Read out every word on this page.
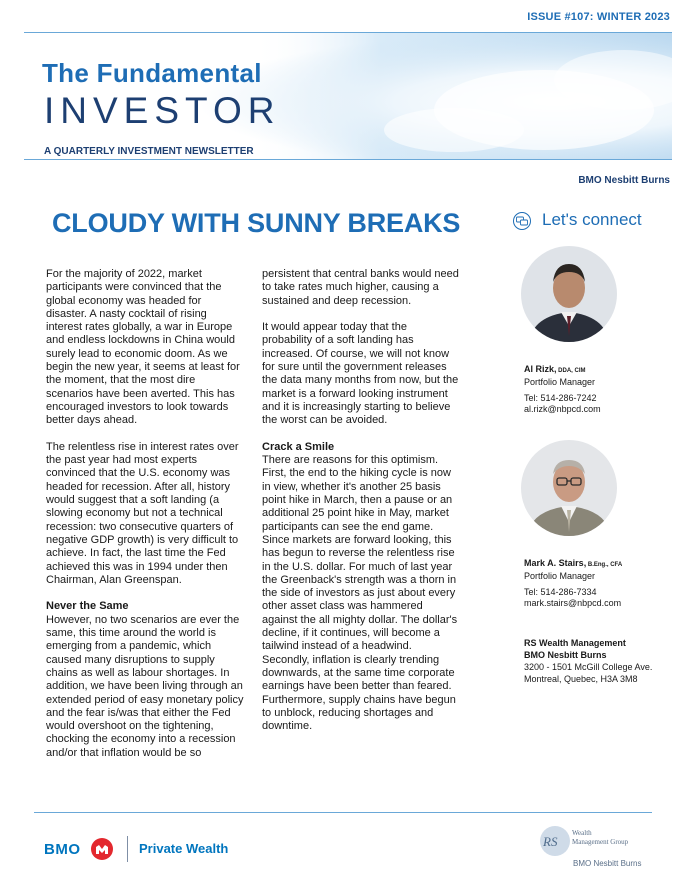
ISSUE #107: WINTER 2023
The Fundamental
INVESTOR
A QUARTERLY INVESTMENT NEWSLETTER
BMO Nesbitt Burns
CLOUDY WITH SUNNY BREAKS

For the majority of 2022, market participants were convinced that the global economy was headed for disaster. A nasty cocktail of rising interest rates globally, a war in Europe and endless lockdowns in China would surely lead to economic doom. As we begin the new year, it seems at least for the moment, that the most dire scenarios have been averted. This has encouraged investors to look towards better days ahead.

The relentless rise in interest rates over the past year had most experts convinced that the U.S. economy was headed for recession. After all, history would suggest that a soft landing (a slowing economy but not a technical recession: two consecutive quarters of negative GDP growth) is very difficult to achieve. In fact, the last time the Fed achieved this was in 1994 under then Chairman, Alan Greenspan.

Never the Same

However, no two scenarios are ever the same, this time around the world is emerging from a pandemic, which caused many disruptions to supply chains as well as labour shortages. In addition, we have been living through an extended period of easy monetary policy and the fear is/was that either the Fed would overshoot on the tightening, chocking the economy into a recession and/or that inflation would be so

persistent that central banks would need to take rates much higher, causing a sustained and deep recession.

It would appear today that the probability of a soft landing has increased. Of course, we will not know for sure until the government releases the data many months from now, but the market is a forward looking instrument and it is increasingly starting to believe the worst can be avoided.

Crack a Smile

There are reasons for this optimism. First, the end to the hiking cycle is now in view, whether it's another 25 basis point hike in March, then a pause or an additional 25 point hike in May, market participants can see the end game. Since markets are forward looking, this has begun to reverse the relentless rise in the U.S. dollar. For much of last year the Greenback's strength was a thorn in the side of investors as just about every other asset class was hammered against the all mighty dollar. The dollar's decline, if it continues, will become a tailwind instead of a headwind. Secondly, inflation is clearly trending downwards, at the same time corporate earnings have been better than feared. Furthermore, supply chains have begun to unblock, reducing shortages and downtime.

Let's connect
Al Rizk, DDA, CIM
Portfolio Manager
Tel: 514-286-7242
al.rizk@nbpcd.com
Mark A. Stairs, B.Eng., CFA
Portfolio Manager
Tel: 514-286-7334
mark.stairs@nbpcd.com
RS Wealth Management
BMO Nesbitt Burns
3200 - 1501 McGill College Ave.
Montreal, Quebec, H3A 3M8
BMO	Private Wealth	RS
Wealth
Management Group
BMO Nesbitt Burns
